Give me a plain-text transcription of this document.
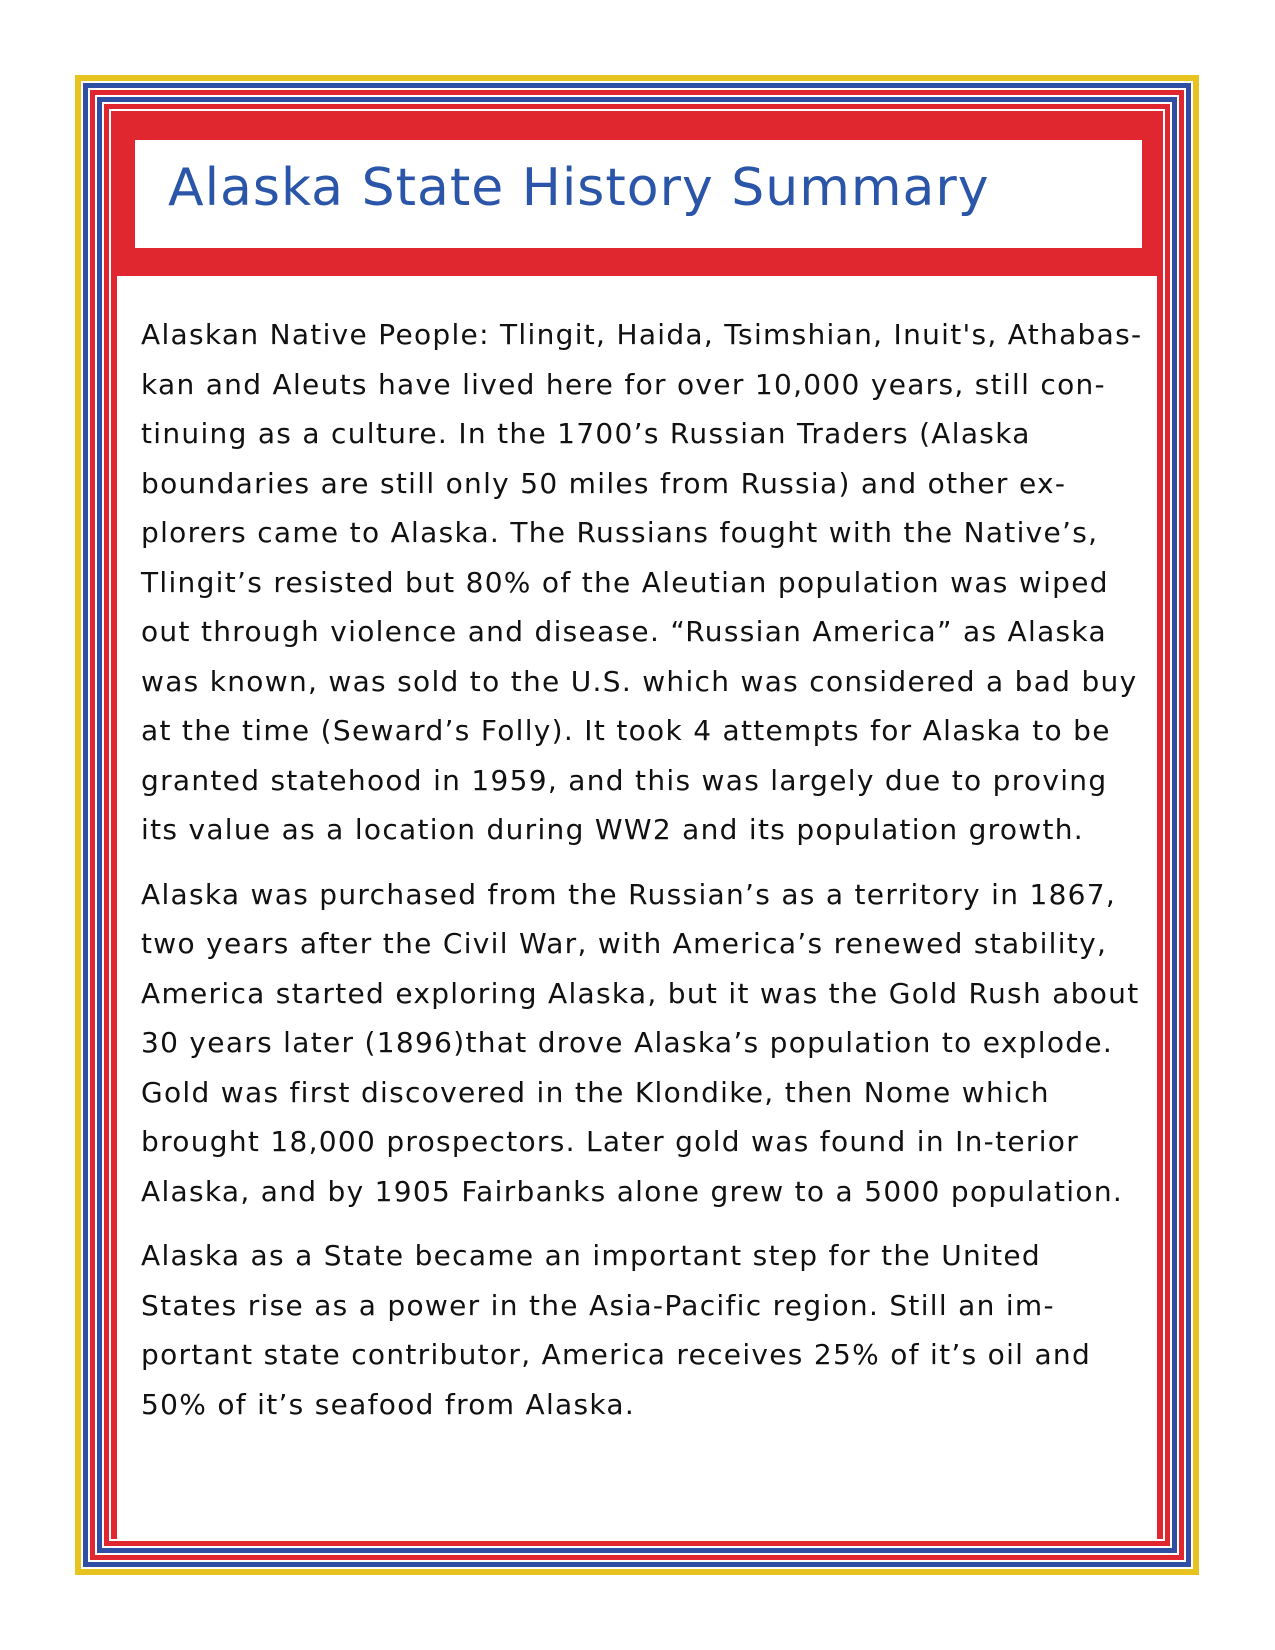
Alaska State History Summary

Alaskan Native People: Tlingit, Haida, Tsimshian, Inuit's, Athabas-kan and Aleuts have lived here for over 10,000 years, still con-tinuing as a culture. In the 1700’s Russian Traders (Alaska boundaries are still only 50 miles from Russia) and other ex-plorers came to Alaska. The Russians fought with the Native’s, Tlingit’s resisted but 80% of the Aleutian population was wiped out through violence and disease. “Russian America” as Alaska was known, was sold to the U.S. which was considered a bad buy at the time (Seward’s Folly). It took 4 attempts for Alaska to be granted statehood in 1959, and this was largely due to proving its value as a location during WW2 and its population growth.

Alaska was purchased from the Russian’s as a territory in 1867, two years after the Civil War, with America’s renewed stability, America started exploring Alaska, but it was the Gold Rush about 30 years later (1896)that drove Alaska’s population to explode. Gold was first discovered in the Klondike, then Nome which brought 18,000 prospectors. Later gold was found in In-terior Alaska, and by 1905 Fairbanks alone grew to a 5000 population.

Alaska as a State became an important step for the United States rise as a power in the Asia-Pacific region. Still an im-portant state contributor, America receives 25% of it’s oil and 50% of it’s seafood from Alaska.
